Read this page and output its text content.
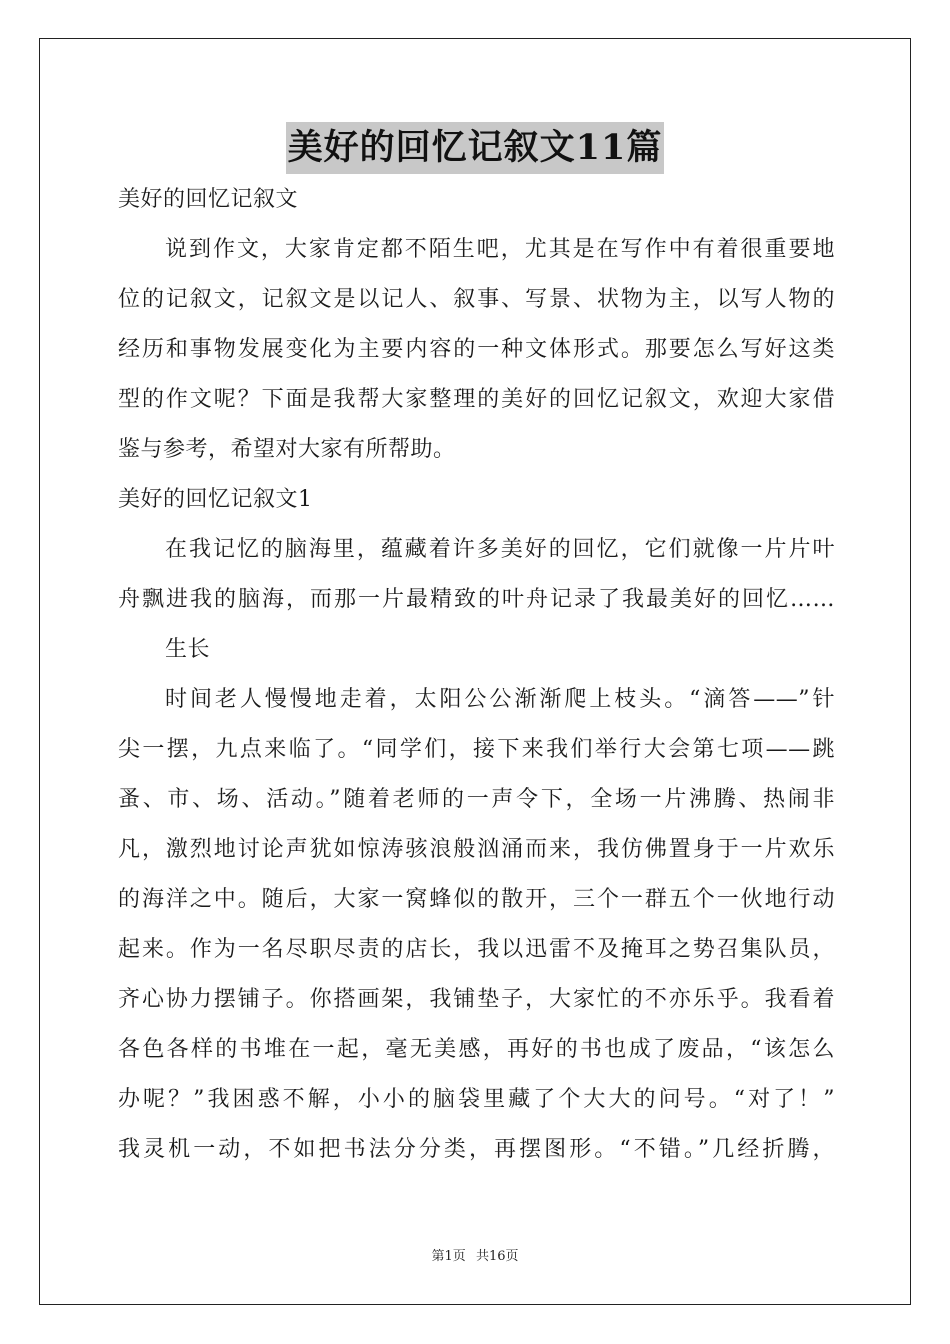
美好的回忆记叙文11篇
美好的回忆记叙文
说到作文，大家肯定都不陌生吧，尤其是在写作中有着很重要地
位的记叙文，记叙文是以记人、叙事、写景、状物为主，以写人物的
经历和事物发展变化为主要内容的一种文体形式。那要怎么写好这类
型的作文呢？下面是我帮大家整理的美好的回忆记叙文，欢迎大家借
鉴与参考，希望对大家有所帮助。
美好的回忆记叙文1
在我记忆的脑海里，蕴藏着许多美好的回忆，它们就像一片片叶
舟飘进我的脑海，而那一片最精致的叶舟记录了我最美好的回忆……
生长
时间老人慢慢地走着，太阳公公渐渐爬上枝头。“滴答——”针
尖一摆，九点来临了。“同学们，接下来我们举行大会第七项——跳
蚤、市、场、活动。”随着老师的一声令下，全场一片沸腾、热闹非
凡，激烈地讨论声犹如惊涛骇浪般汹涌而来，我仿佛置身于一片欢乐
的海洋之中。随后，大家一窝蜂似的散开，三个一群五个一伙地行动
起来。作为一名尽职尽责的店长，我以迅雷不及掩耳之势召集队员，
齐心协力摆铺子。你搭画架，我铺垫子，大家忙的不亦乐乎。我看着
各色各样的书堆在一起，毫无美感，再好的书也成了废品，“该怎么
办呢？”我困惑不解，小小的脑袋里藏了个大大的问号。“对了！”
我灵机一动，不如把书法分分类，再摆图形。“不错。”几经折腾，
第1页 共16页
